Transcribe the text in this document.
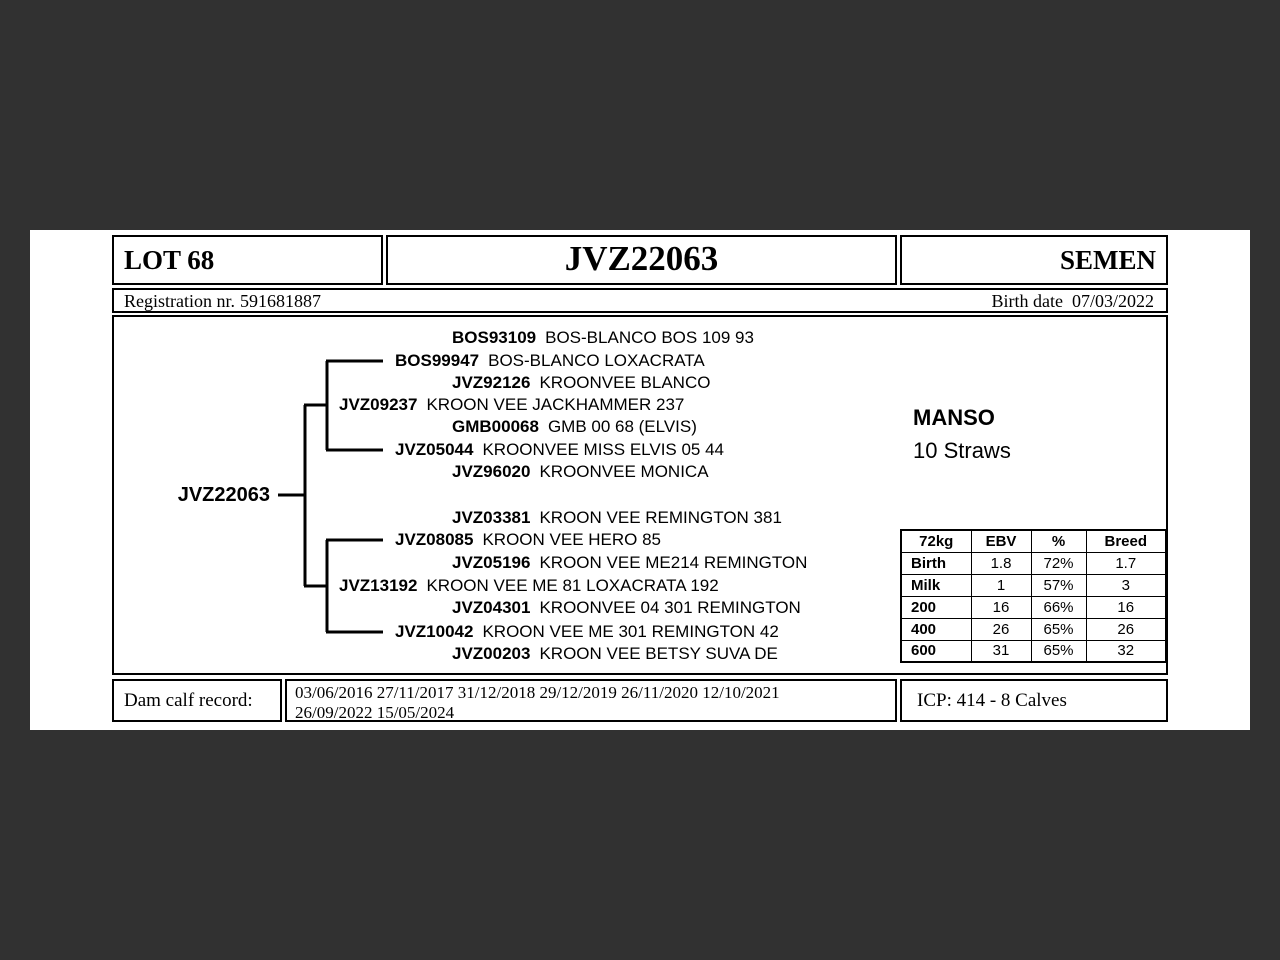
LOT 68	JVZ22063	SEMEN
Registration nr. 591681887	Birth date 07/03/2022
JVZ22063
BOS93109 BOS-BLANCO BOS 109 93
BOS99947 BOS-BLANCO LOXACRATA
JVZ92126 KROONVEE BLANCO
JVZ09237 KROON VEE JACKHAMMER 237
GMB00068 GMB 00 68 (ELVIS)
JVZ05044 KROONVEE MISS ELVIS 05 44
JVZ96020 KROONVEE MONICA
JVZ03381 KROON VEE REMINGTON 381
JVZ08085 KROON VEE HERO 85
JVZ05196 KROON VEE ME214 REMINGTON
JVZ13192 KROON VEE ME 81 LOXACRATA 192
JVZ04301 KROONVEE 04 301 REMINGTON
JVZ10042 KROON VEE ME 301 REMINGTON 42
JVZ00203 KROON VEE BETSY SUVA DE
MANSO
10 Straws
72kg	EBV	%	Breed
Birth	1.8	72%	1.7
Milk	1	57%	3
200	16	66%	16
400	26	65%	26
600	31	65%	32
Dam calf record:	03/06/2016 27/11/2017 31/12/2018 29/12/2019 26/11/2020 12/10/2021 26/09/2022 15/05/2024
ICP: 414 - 8 Calves
